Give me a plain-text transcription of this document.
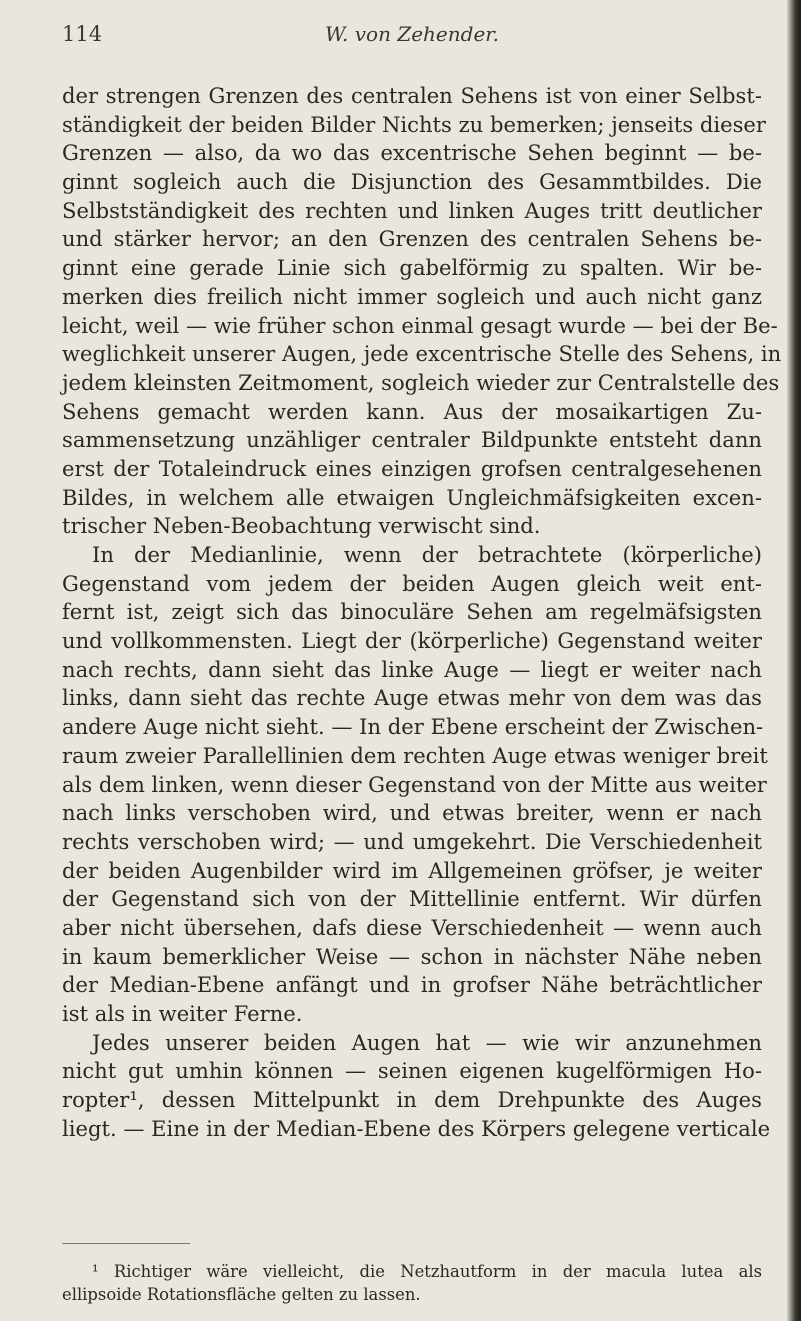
114	W. von Zehender.
der strengen Grenzen des centralen Sehens ist von einer Selbst-
ständigkeit der beiden Bilder Nichts zu bemerken; jenseits dieser
Grenzen — also, da wo das excentrische Sehen beginnt — be-
ginnt sogleich auch die Disjunction des Gesammtbildes. Die
Selbstständigkeit des rechten und linken Auges tritt deutlicher
und stärker hervor; an den Grenzen des centralen Sehens be-
ginnt eine gerade Linie sich gabelförmig zu spalten. Wir be-
merken dies freilich nicht immer sogleich und auch nicht ganz
leicht, weil — wie früher schon einmal gesagt wurde — bei der Be-
weglichkeit unserer Augen, jede excentrische Stelle des Sehens, in
jedem kleinsten Zeitmoment, sogleich wieder zur Centralstelle des
Sehens gemacht werden kann. Aus der mosaikartigen Zu-
sammensetzung unzähliger centraler Bildpunkte entsteht dann
erst der Totaleindruck eines einzigen grofsen centralgesehenen
Bildes, in welchem alle etwaigen Ungleichmäfsigkeiten excen-
trischer Neben-Beobachtung verwischt sind.
In der Medianlinie, wenn der betrachtete (körperliche)
Gegenstand vom jedem der beiden Augen gleich weit ent-
fernt ist, zeigt sich das binoculäre Sehen am regelmäfsigsten
und vollkommensten. Liegt der (körperliche) Gegenstand weiter
nach rechts, dann sieht das linke Auge — liegt er weiter nach
links, dann sieht das rechte Auge etwas mehr von dem was das
andere Auge nicht sieht. — In der Ebene erscheint der Zwischen-
raum zweier Parallellinien dem rechten Auge etwas weniger breit
als dem linken, wenn dieser Gegenstand von der Mitte aus weiter
nach links verschoben wird, und etwas breiter, wenn er nach
rechts verschoben wird; — und umgekehrt. Die Verschiedenheit
der beiden Augenbilder wird im Allgemeinen gröfser, je weiter
der Gegenstand sich von der Mittellinie entfernt. Wir dürfen
aber nicht übersehen, dafs diese Verschiedenheit — wenn auch
in kaum bemerklicher Weise — schon in nächster Nähe neben
der Median-Ebene anfängt und in grofser Nähe beträchtlicher
ist als in weiter Ferne.
Jedes unserer beiden Augen hat — wie wir anzunehmen
nicht gut umhin können — seinen eigenen kugelförmigen Ho-
ropter¹, dessen Mittelpunkt in dem Drehpunkte des Auges
liegt. — Eine in der Median-Ebene des Körpers gelegene verticale
¹ Richtiger wäre vielleicht, die Netzhautform in der macula lutea als
ellipsoide Rotationsfläche gelten zu lassen.
